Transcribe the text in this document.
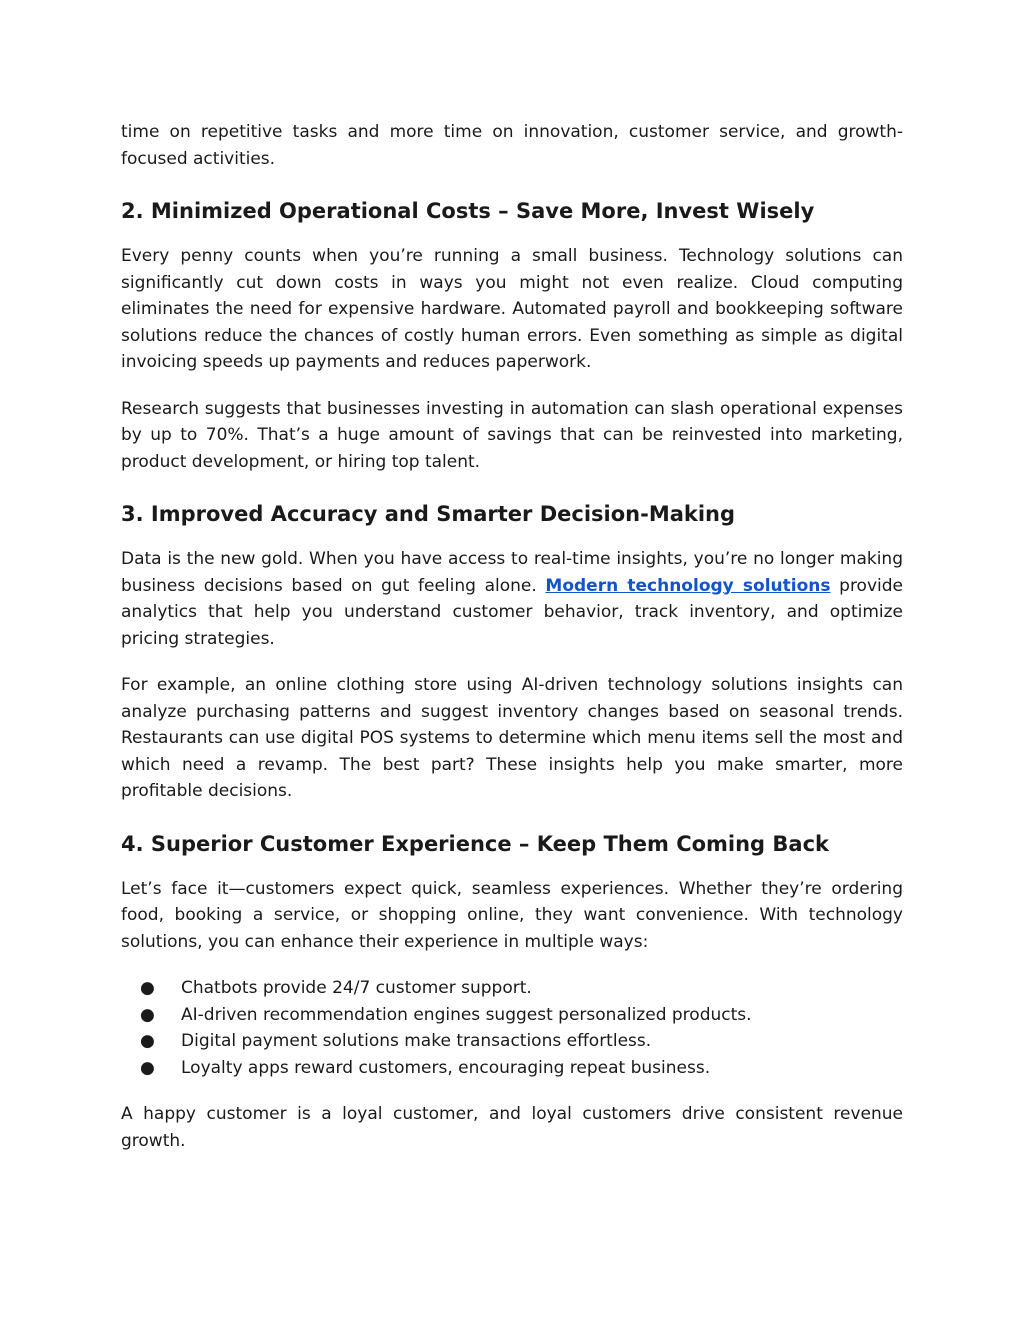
time on repetitive tasks and more time on innovation, customer service, and growth-focused activities.

2. Minimized Operational Costs – Save More, Invest Wisely

Every penny counts when you’re running a small business. Technology solutions can significantly cut down costs in ways you might not even realize. Cloud computing eliminates the need for expensive hardware. Automated payroll and bookkeeping software solutions reduce the chances of costly human errors. Even something as simple as digital invoicing speeds up payments and reduces paperwork.

Research suggests that businesses investing in automation can slash operational expenses by up to 70%. That’s a huge amount of savings that can be reinvested into marketing, product development, or hiring top talent.

3. Improved Accuracy and Smarter Decision-Making

Data is the new gold. When you have access to real-time insights, you’re no longer making business decisions based on gut feeling alone. Modern technology solutions provide analytics that help you understand customer behavior, track inventory, and optimize pricing strategies.

For example, an online clothing store using AI-driven technology solutions insights can analyze purchasing patterns and suggest inventory changes based on seasonal trends. Restaurants can use digital POS systems to determine which menu items sell the most and which need a revamp. The best part? These insights help you make smarter, more profitable decisions.

4. Superior Customer Experience – Keep Them Coming Back

Let’s face it—customers expect quick, seamless experiences. Whether they’re ordering food, booking a service, or shopping online, they want convenience. With technology solutions, you can enhance their experience in multiple ways:

● Chatbots provide 24/7 customer support.
● AI-driven recommendation engines suggest personalized products.
● Digital payment solutions make transactions effortless.
● Loyalty apps reward customers, encouraging repeat business.

A happy customer is a loyal customer, and loyal customers drive consistent revenue growth.
